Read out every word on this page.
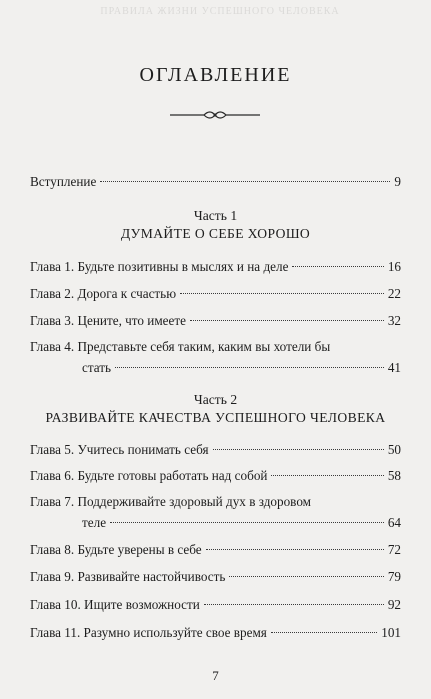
ПРАВИЛА ЖИЗНИ УСПЕШНОГО ЧЕЛОВЕКА
ОГЛАВЛЕНИЕ
Вступление	9
Часть 1
ДУМАЙТЕ О СЕБЕ ХОРОШО
Глава 1. Будьте позитивны в мыслях и на деле	16
Глава 2. Дорога к счастью	22
Глава 3. Цените, что имеете	32
Глава 4. Представьте себя таким, каким вы хотели бы
стать	41
Часть 2
РАЗВИВАЙТЕ КАЧЕСТВА УСПЕШНОГО ЧЕЛОВЕКА
Глава 5. Учитесь понимать себя	50
Глава 6. Будьте готовы работать над собой	58
Глава 7. Поддерживайте здоровый дух в здоровом
теле	64
Глава 8. Будьте уверены в себе	72
Глава 9. Развивайте настойчивость	79
Глава 10. Ищите возможности	92
Глава 11. Разумно используйте свое время	101
7
